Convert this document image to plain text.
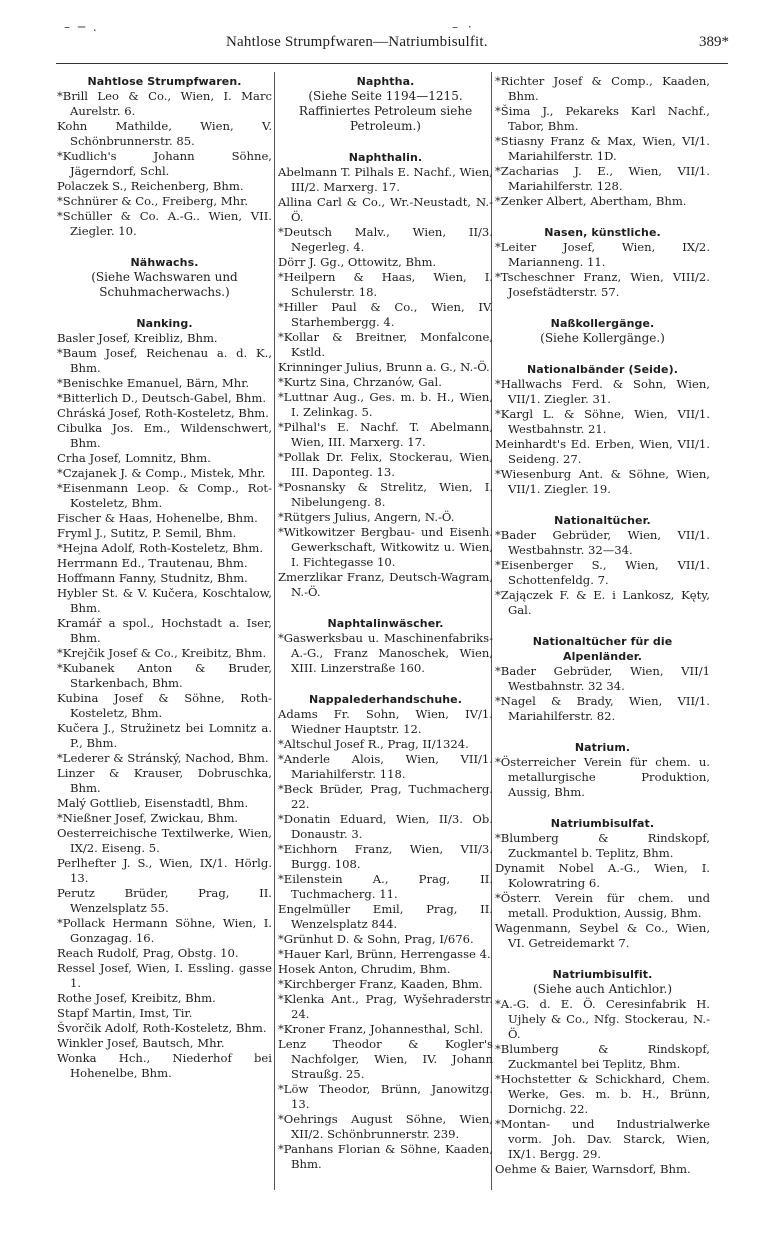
– ─ .	– ·
Nahtlose Strumpfwaren—Natriumbisulfit.	389*
Nahtlose Strumpfwaren.
*Brill Leo & Co., Wien, I. Marc Aurelstr. 6.
Kohn Mathilde, Wien, V. Schönbrunnerstr. 85.
*Kudlich's Johann Söhne, Jägerndorf, Schl.
Polaczek S., Reichenberg, Bhm.
*Schnürer & Co., Freiberg, Mhr.
*Schüller & Co. A.-G.. Wien, VII. Ziegler. 10.
Nähwachs.
(Siehe Wachswaren und Schuhmacherwachs.)
Nanking.
Basler Josef, Kreibliz, Bhm.
*Baum Josef, Reichenau a. d. K., Bhm.
*Benischke Emanuel, Bärn, Mhr.
*Bitterlich D., Deutsch-Gabel, Bhm.
Chráská Josef, Roth-Kosteletz, Bhm.
Cibulka Jos. Em., Wildenschwert, Bhm.
Crha Josef, Lomnitz, Bhm.
*Czajanek J. & Comp., Mistek, Mhr.
*Eisenmann Leop. & Comp., Rot-Kosteletz, Bhm.
Fischer & Haas, Hohenelbe, Bhm.
Fryml J., Sutitz, P. Semil, Bhm.
*Hejna Adolf, Roth-Kosteletz, Bhm.
Herrmann Ed., Trautenau, Bhm.
Hoffmann Fanny, Studnitz, Bhm.
Hybler St. & V. Kučera, Koschtalow, Bhm.
Kramář a spol., Hochstadt a. Iser, Bhm.
*Krejčik Josef & Co., Kreibitz, Bhm.
*Kubanek Anton & Bruder, Starkenbach, Bhm.
Kubina Josef & Söhne, Roth-Kosteletz, Bhm.
Kučera J., Stružinetz bei Lomnitz a. P., Bhm.
*Lederer & Stránský, Nachod, Bhm.
Linzer & Krauser, Dobruschka, Bhm.
Malý Gottlieb, Eisenstadtl, Bhm.
*Nießner Josef, Zwickau, Bhm.
Oesterreichische Textilwerke, Wien, IX/2. Eiseng. 5.
Perlhefter J. S., Wien, IX/1. Hörlg. 13.
Perutz Brüder, Prag, II. Wenzelsplatz 55.
*Pollack Hermann Söhne, Wien, I. Gonzagag. 16.
Reach Rudolf, Prag, Obstg. 10.
Ressel Josef, Wien, I. Essling. gasse 1.
Rothe Josef, Kreibitz, Bhm.
Stapf Martin, Imst, Tir.
Švorčik Adolf, Roth-Kosteletz, Bhm.
Winkler Josef, Bautsch, Mhr.
Wonka Hch., Niederhof bei Hohenelbe, Bhm.
Naphtha.
(Siehe Seite 1194—1215. Raffiniertes Petroleum siehe Petroleum.)
Naphthalin.
Abelmann T. Pilhals E. Nachf., Wien, III/2. Marxerg. 17.
Allina Carl & Co., Wr.-Neustadt, N.-Ö.
*Deutsch Malv., Wien, II/3. Negerleg. 4.
Dörr J. Gg., Ottowitz, Bhm.
*Heilpern & Haas, Wien, I. Schulerstr. 18.
*Hiller Paul & Co., Wien, IV. Starhembergg. 4.
*Kollar & Breitner, Monfalcone, Kstld.
Krinninger Julius, Brunn a. G., N.-Ö.
*Kurtz Sina, Chrzanów, Gal.
*Luttnar Aug., Ges. m. b. H., Wien, I. Zelinkag. 5.
*Pilhal's E. Nachf. T. Abelmann, Wien, III. Marxerg. 17.
*Pollak Dr. Felix, Stockerau, Wien, III. Daponteg. 13.
*Posnansky & Strelitz, Wien, I. Nibelungeng. 8.
*Rütgers Julius, Angern, N.-Ö.
*Witkowitzer Bergbau- und Eisenh. Gewerkschaft, Witkowitz u. Wien, I. Fichtegasse 10.
Zmerzlikar Franz, Deutsch-Wagram, N.-Ö.
Naphtalinwäscher.
*Gaswerksbau u. Maschinenfabriks-A.-G., Franz Manoschek, Wien, XIII. Linzerstraße 160.
Nappalederhandschuhe.
Adams Fr. Sohn, Wien, IV/1. Wiedner Hauptstr. 12.
*Altschul Josef R., Prag, II/1324.
*Anderle Alois, Wien, VII/1. Mariahilferstr. 118.
*Beck Brüder, Prag, Tuchmacherg. 22.
*Donatin Eduard, Wien, II/3. Ob. Donaustr. 3.
*Eichhorn Franz, Wien, VII/3. Burgg. 108.
*Eilenstein A., Prag, II. Tuchmacherg. 11.
Engelmüller Emil, Prag, II. Wenzelsplatz 844.
*Grünhut D. & Sohn, Prag, I/676.
*Hauer Karl, Brünn, Herrengasse 4.
Hosek Anton, Chrudim, Bhm.
*Kirchberger Franz, Kaaden, Bhm.
*Klenka Ant., Prag, Wyšehraderstr. 24.
*Kroner Franz, Johannesthal, Schl.
Lenz Theodor & Kogler's Nachfolger, Wien, IV. Johann Straußg. 25.
*Löw Theodor, Brünn, Janowitzg. 13.
*Oehrings August Söhne, Wien, XII/2. Schönbrunnerstr. 239.
*Panhans Florian & Söhne, Kaaden, Bhm.
*Richter Josef & Comp., Kaaden, Bhm.
*Šima J., Pekareks Karl Nachf., Tabor, Bhm.
*Stiasny Franz & Max, Wien, VI/1. Mariahilferstr. 1D.
*Zacharias J. E., Wien, VII/1. Mariahilferstr. 128.
*Zenker Albert, Abertham, Bhm.
Nasen, künstliche.
*Leiter Josef, Wien, IX/2. Marianneng. 11.
*Tscheschner Franz, Wien, VIII/2. Josefstädterstr. 57.
Naßkollergänge.
(Siehe Kollergänge.)
Nationalbänder (Seide).
*Hallwachs Ferd. & Sohn, Wien, VII/1. Ziegler. 31.
*Kargl L. & Söhne, Wien, VII/1. Westbahnstr. 21.
Meinhardt's Ed. Erben, Wien, VII/1. Seideng. 27.
*Wiesenburg Ant. & Söhne, Wien, VII/1. Ziegler. 19.
Nationaltücher.
*Bader Gebrüder, Wien, VII/1. Westbahnstr. 32—34.
*Eisenberger S., Wien, VII/1. Schottenfeldg. 7.
*Zajączek F. & E. i Lankosz, Kęty, Gal.
Nationaltücher für die Alpenländer.
*Bader Gebrüder, Wien, VII/1 Westbahnstr. 32 34.
*Nagel & Brady, Wien, VII/1. Mariahilferstr. 82.
Natrium.
*Österreicher Verein für chem. u. metallurgische Produktion, Aussig, Bhm.
Natriumbisulfat.
*Blumberg & Rindskopf, Zuckmantel b. Teplitz, Bhm.
Dynamit Nobel A.-G., Wien, I. Kolowratring 6.
*Österr. Verein für chem. und metall. Produktion, Aussig, Bhm.
Wagenmann, Seybel & Co., Wien, VI. Getreidemarkt 7.
Natriumbisulfit.
(Siehe auch Antichlor.)
*A.-G. d. E. Ö. Ceresinfabrik H. Ujhely & Co., Nfg. Stockerau, N.-Ö.
*Blumberg & Rindskopf, Zuckmantel bei Teplitz, Bhm.
*Hochstetter & Schickhard, Chem. Werke, Ges. m. b. H., Brünn, Dornichg. 22.
*Montan- und Industrialwerke vorm. Joh. Dav. Starck, Wien, IX/1. Bergg. 29.
Oehme & Baier, Warnsdorf, Bhm.
